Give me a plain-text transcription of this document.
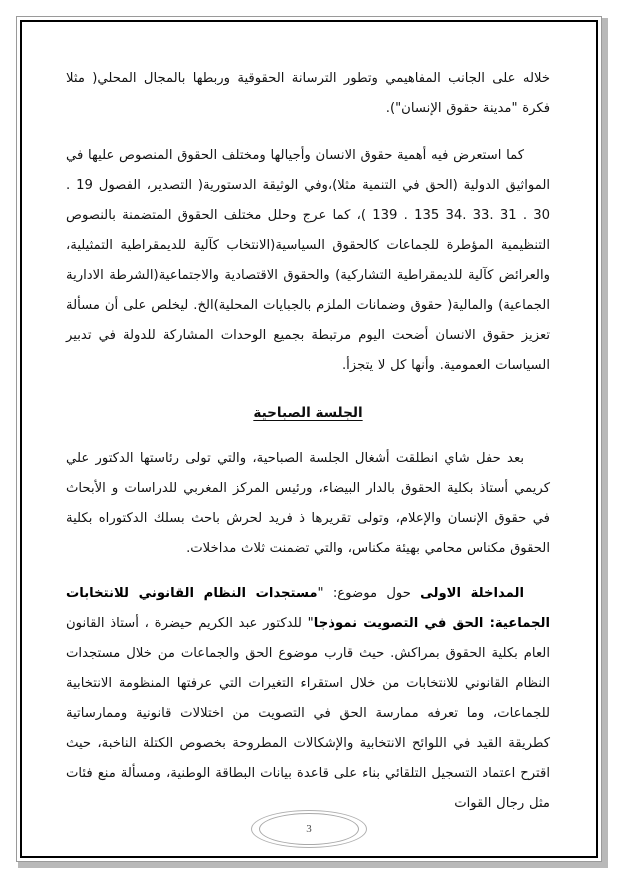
خلاله على الجانب المفاهيمي وتطور الترسانة الحقوقية وربطها بالمجال المحلي( مثلا فكرة "مدينة حقوق الإنسان").

كما استعرض فيه أهمية حقوق الانسان وأجيالها ومختلف الحقوق المنصوص عليها في المواثيق الدولية (الحق في التنمية مثلا)،وفي الوثيقة الدستورية( التصدير، الفصول 19 . 30 . 31 .33 .34 135 . 139 )، كما عرج وحلل مختلف الحقوق المتضمنة بالنصوص التنظيمية المؤطرة للجماعات كالحقوق السياسية(الانتخاب كآلية للديمقراطية التمثيلية، والعرائض كآلية للديمقراطية التشاركية) والحقوق الاقتصادية والاجتماعية(الشرطة الادارية الجماعية) والمالية( حقوق وضمانات الملزم بالجبايات المحلية)الخ. ليخلص على أن مسألة تعزيز حقوق الانسان أضحت اليوم مرتبطة بجميع الوحدات المشاركة للدولة في تدبير السياسات العمومية. وأنها كل لا يتجزأ.

الجلسة الصباحية

بعد حفل شاي انطلقت أشغال الجلسة الصباحية، والتي تولى رئاستها الدكتور علي كريمي أستاذ بكلية الحقوق بالدار البيضاء، ورئيس المركز المغربي للدراسات و الأبحاث في حقوق الإنسان والإعلام، وتولى تقريرها ذ فريد لحرش باحث بسلك الدكتوراه بكلية الحقوق مكناس محامي بهيئة مكناس، والتي تضمنت ثلاث مداخلات.

المداخلة الاولى حول موضوع: "مستجدات النظام القانوني للانتخابات الجماعية: الحق في التصويت نموذجا" للدكتور عبد الكريم حيضرة ، أستاذ القانون العام بكلية الحقوق بمراكش. حيث قارب موضوع الحق والجماعات من خلال مستجدات النظام القانوني للانتخابات من خلال استقراء التغيرات التي عرفتها المنظومة الانتخابية للجماعات، وما تعرفه ممارسة الحق في التصويت من اختلالات قانونية وممارساتية كطريقة القيد في اللوائح الانتخابية والإشكالات المطروحة بخصوص الكتلة الناخبة، حيث اقترح اعتماد التسجيل التلقائي بناء على قاعدة بيانات البطاقة الوطنية، ومسألة منع فئات مثل رجال القوات

3
